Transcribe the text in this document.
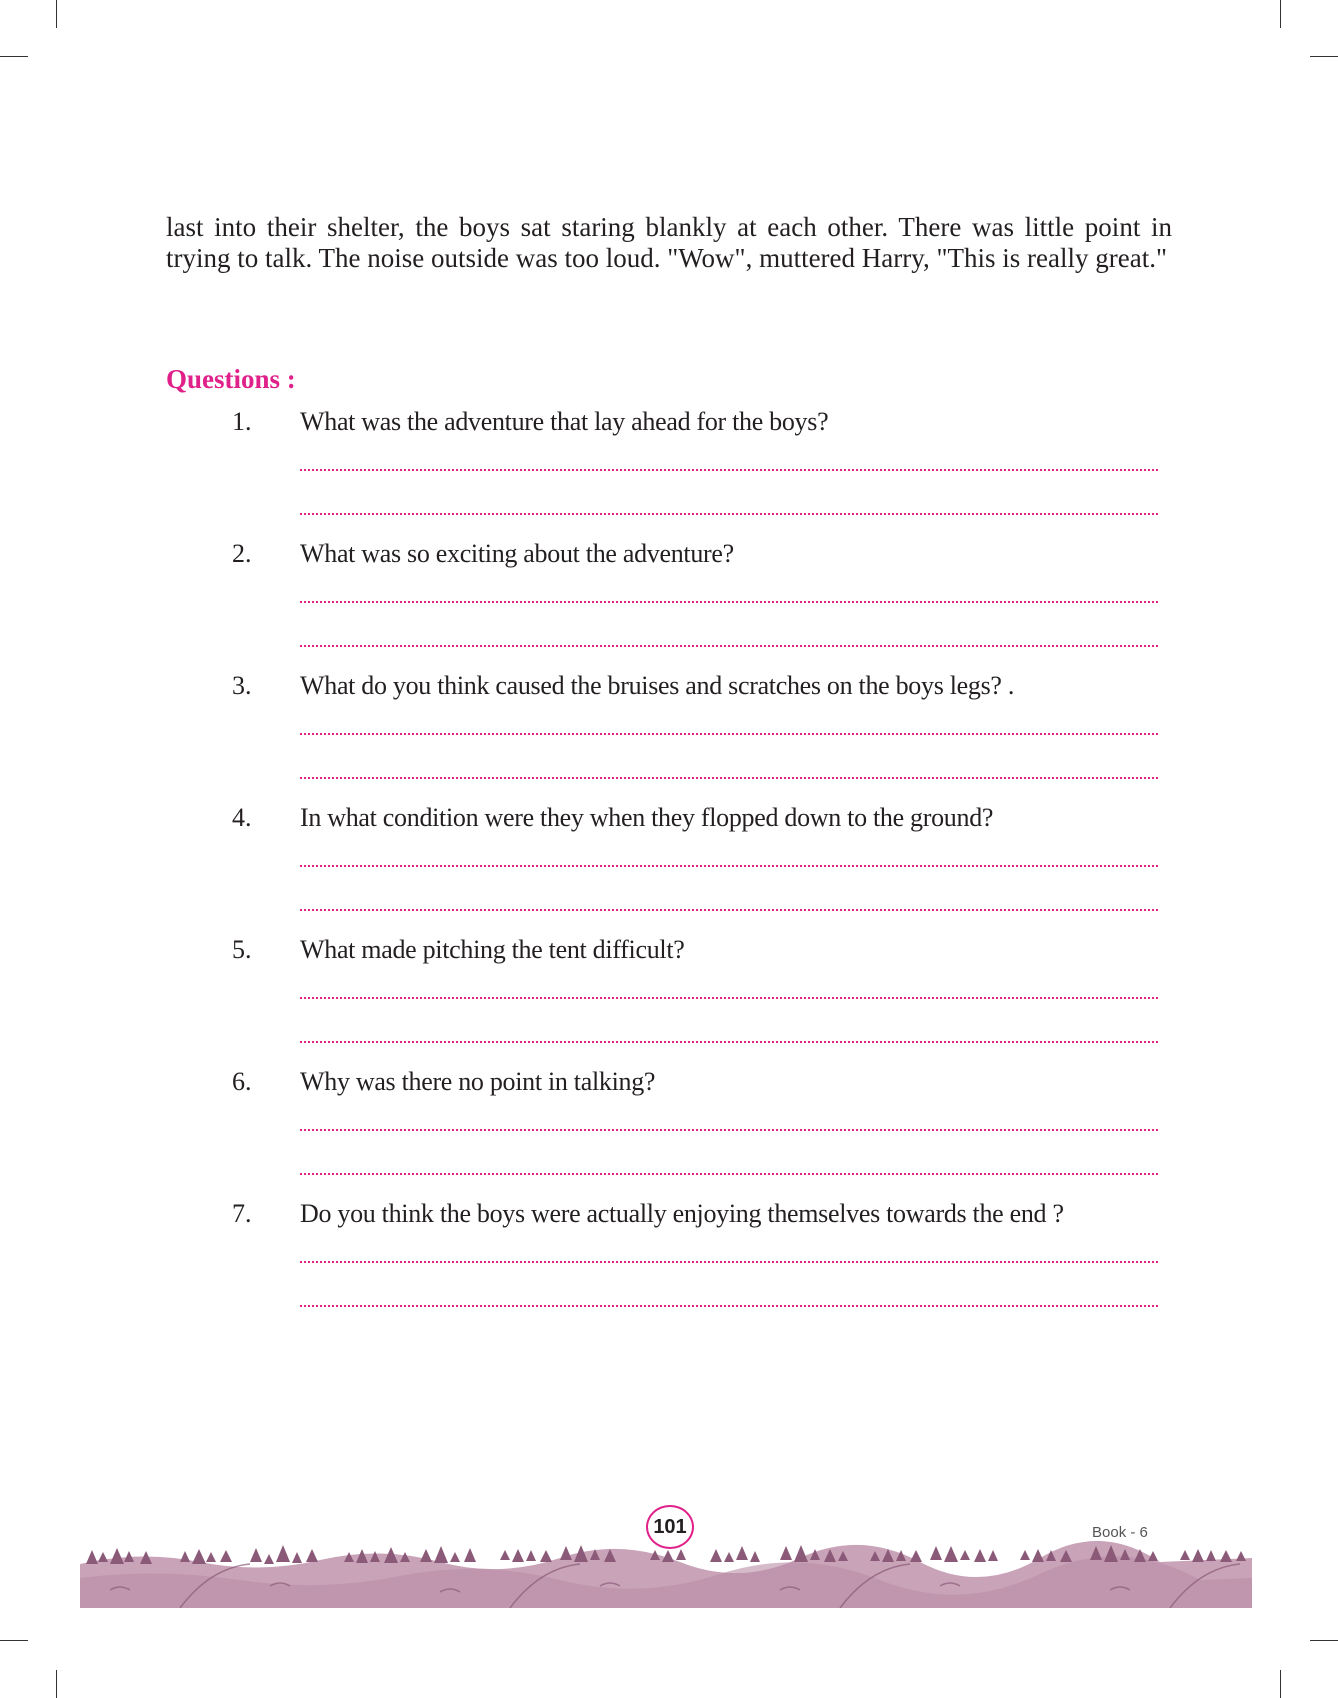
last into their shelter, the boys sat staring blankly at each other. There was little point in trying to talk. The noise outside was too loud. "Wow", muttered Harry, "This is really great."

Questions :
1. What was the adventure that lay ahead for the boys?
2. What was so exciting about the adventure?
3. What do you think caused the bruises and scratches on the boys legs? .
4. In what condition were they when they flopped down to the ground?
5. What made pitching the tent difficult?
6. Why was there no point in talking?
7. Do you think the boys were actually enjoying themselves towards the end ?
101	Book - 6
